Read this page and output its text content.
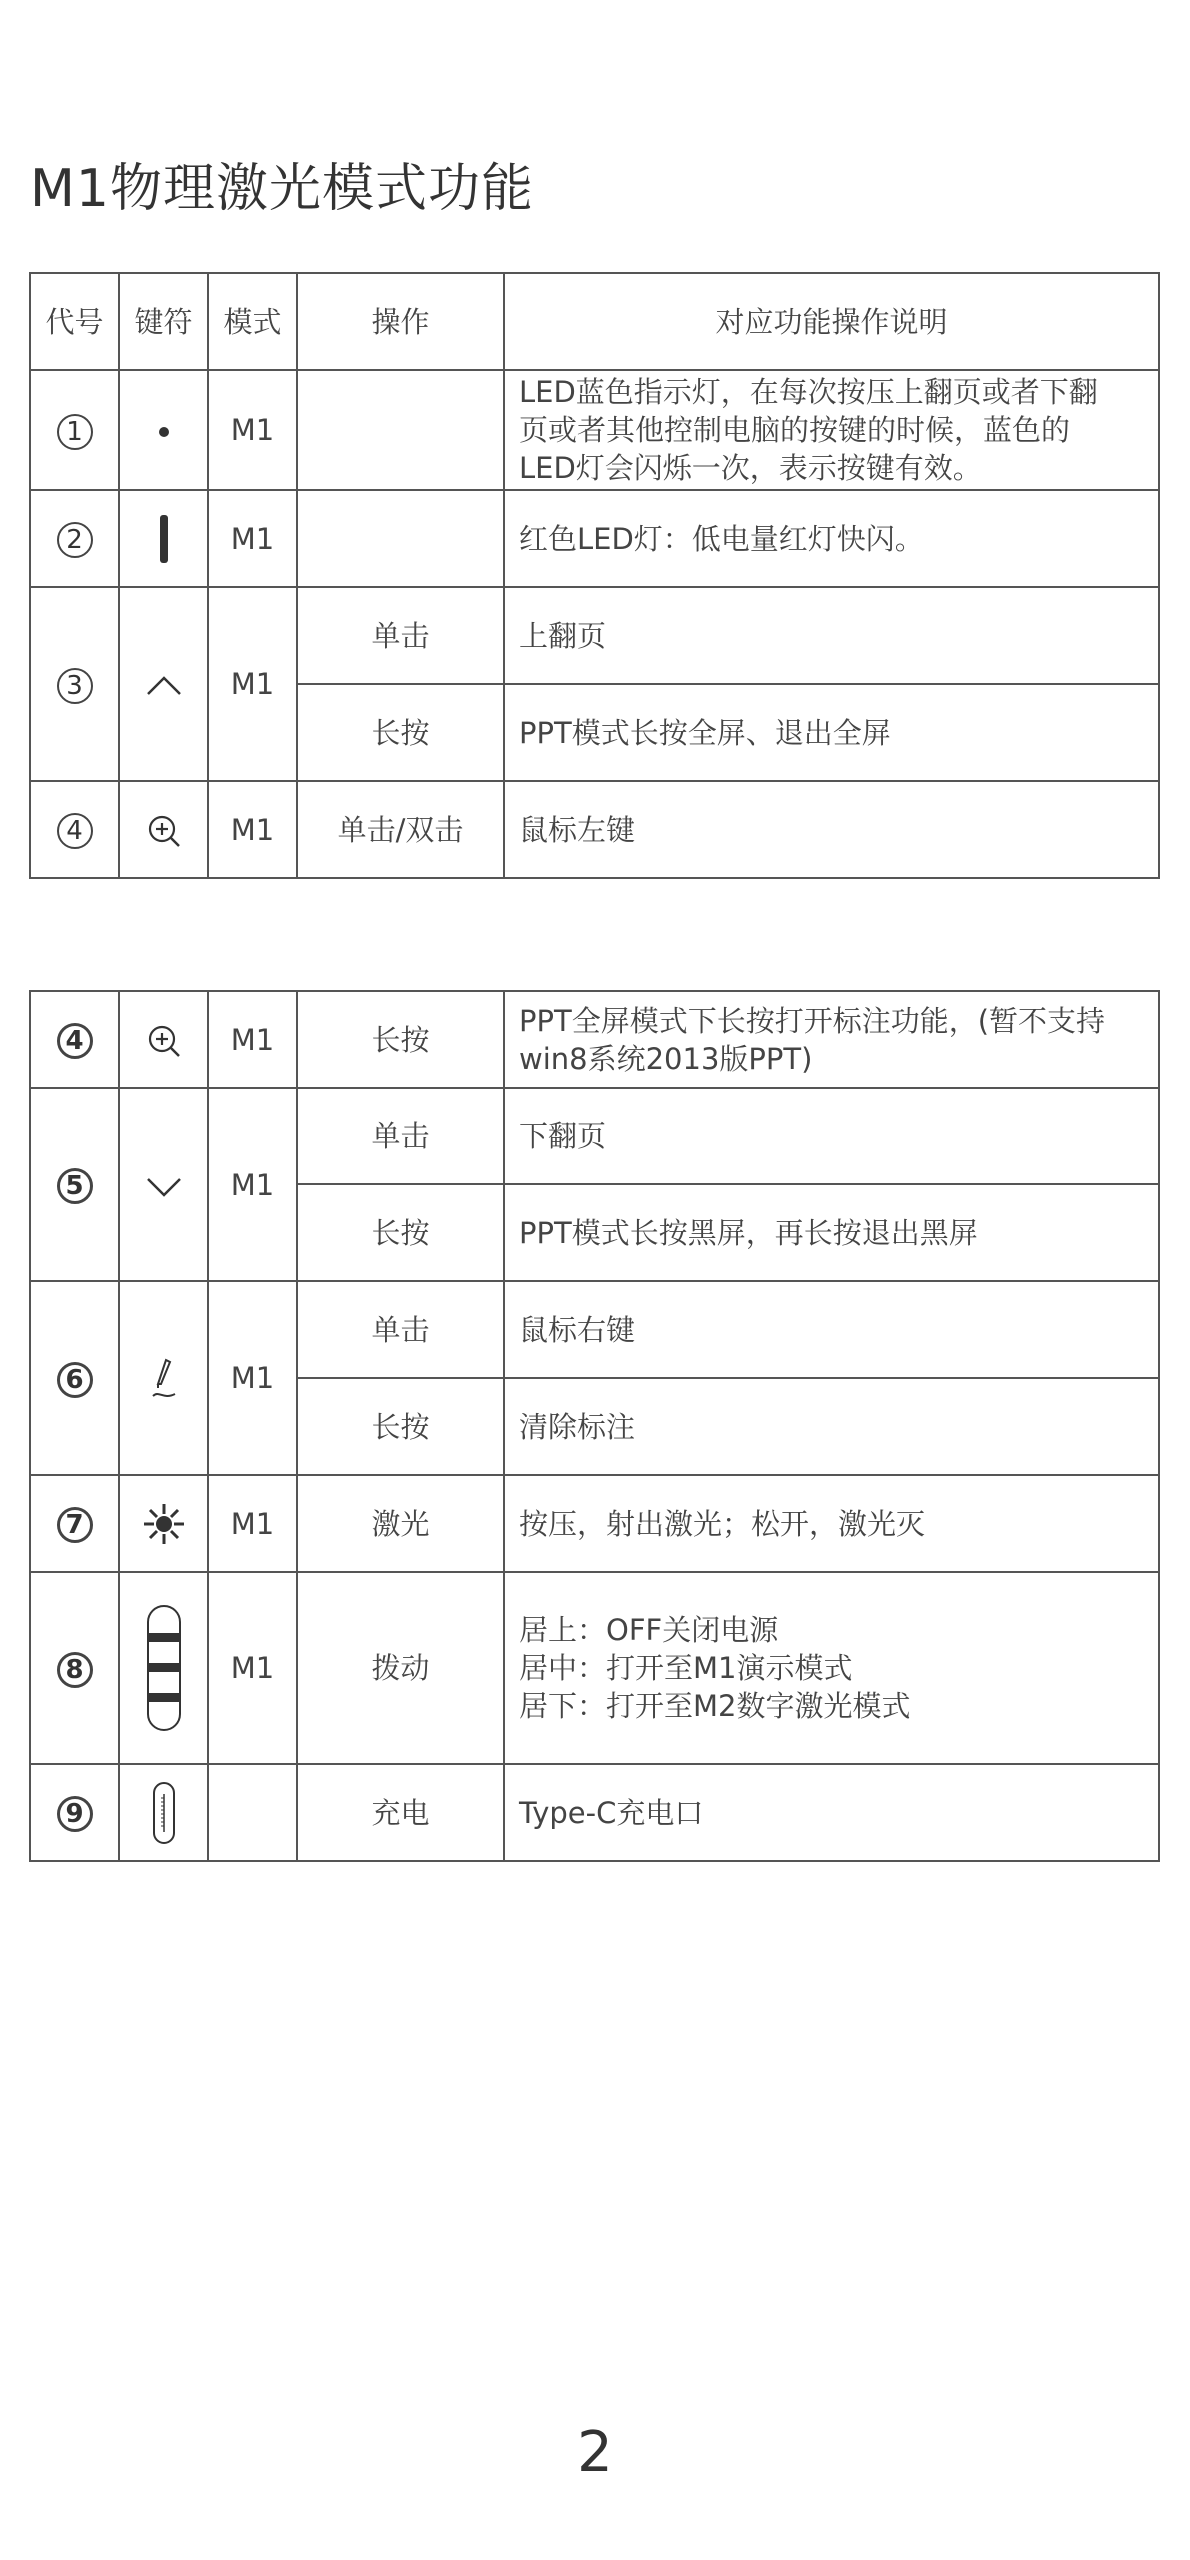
M1物理激光模式功能
代号	键符	模式	操作	对应功能操作说明
1		M1		LED蓝色指示灯，在每次按压上翻页或者下翻
页或者其他控制电脑的按键的时候，蓝色的
LED灯会闪烁一次，表示按键有效。

2		M1		红色LED灯：低电量红灯快闪。
3		M1	单击	上翻页
			长按	PPT模式长按全屏、退出全屏
4		M1	单击/双击	鼠标左键
4		M1	长按	PPT全屏模式下长按打开标注功能，(暂不支持
win8系统2013版PPT)

5		M1	单击	下翻页
			长按	PPT模式长按黑屏，再长按退出黑屏
6		M1	单击	鼠标右键
			长按	清除标注
7		M1	激光	按压，射出激光；松开，激光灭
8		M1	拨动	居上：OFF关闭电源
居中：打开至M1演示模式
居下：打开至M2数字激光模式

9			充电	Type-C充电口
2
